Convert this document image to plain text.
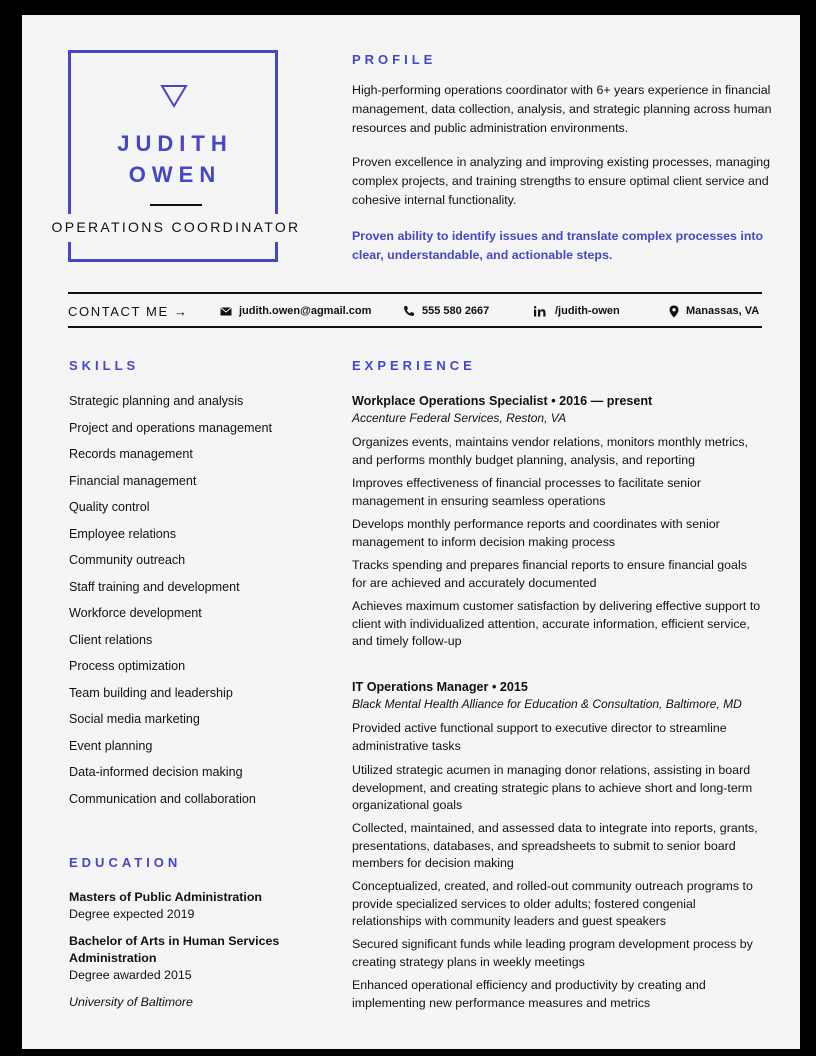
JUDITH
OWEN
OPERATIONS COORDINATOR
PROFILE
High-performing operations coordinator with 6+ years experience in financial management, data collection, analysis, and strategic planning across human resources and public administration environments.
Proven excellence in analyzing and improving existing processes, managing complex projects, and training strengths to ensure optimal client service and cohesive internal functionality.
Proven ability to identify issues and translate complex processes into clear, understandable, and actionable steps.
CONTACT ME →	judith.owen@agmail.com	555 580 2667	/judith-owen	Manassas, VA
SKILLS
Strategic planning and analysis
Project and operations management
Records management
Financial management
Quality control
Employee relations
Community outreach
Staff training and development
Workforce development
Client relations
Process optimization
Team building and leadership
Social media marketing
Event planning
Data-informed decision making
Communication and collaboration
EDUCATION
Masters of Public Administration
Degree expected 2019
Bachelor of Arts in Human Services Administration
Degree awarded 2015
University of Baltimore
EXPERIENCE
Workplace Operations Specialist • 2016 — present
Accenture Federal Services, Reston, VA
Organizes events, maintains vendor relations, monitors monthly metrics, and performs monthly budget planning, analysis, and reporting
Improves effectiveness of financial processes to facilitate senior management in ensuring seamless operations
Develops monthly performance reports and coordinates with senior management to inform decision making process
Tracks spending and prepares financial reports to ensure financial goals for are achieved and accurately documented
Achieves maximum customer satisfaction by delivering effective support to client with individualized attention, accurate information, efficient service, and timely follow-up
IT Operations Manager • 2015
Black Mental Health Alliance for Education & Consultation, Baltimore, MD
Provided active functional support to executive director to streamline administrative tasks
Utilized strategic acumen in managing donor relations, assisting in board development, and creating strategic plans to achieve short and long-term organizational goals
Collected, maintained, and assessed data to integrate into reports, grants, presentations, databases, and spreadsheets to submit to senior board members for decision making
Conceptualized, created, and rolled-out community outreach programs to provide specialized services to older adults; fostered congenial relationships with community leaders and guest speakers
Secured significant funds while leading program development process by creating strategy plans in weekly meetings
Enhanced operational efficiency and productivity by creating and implementing new performance measures and metrics
